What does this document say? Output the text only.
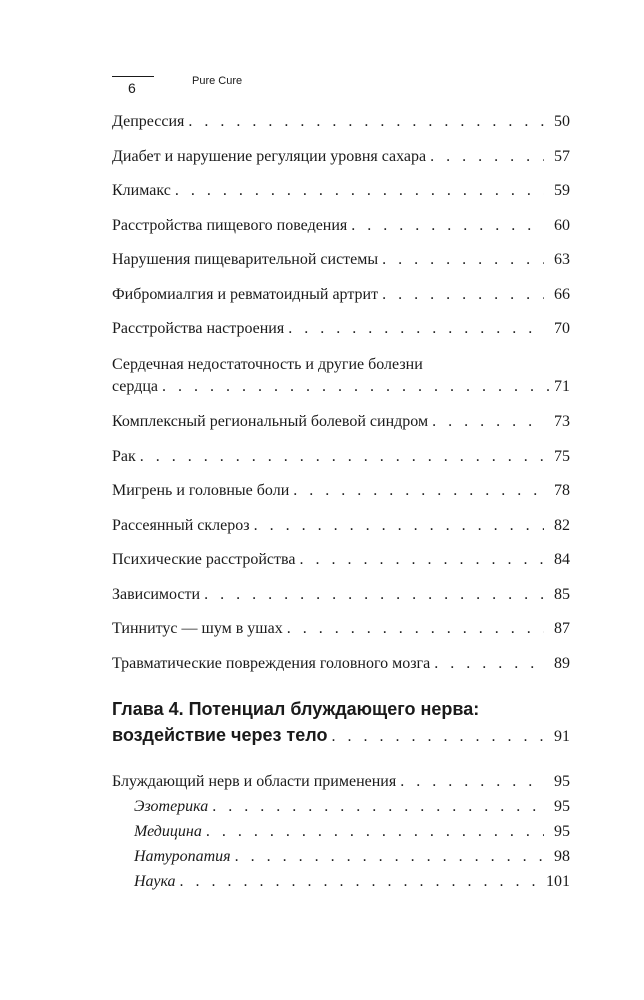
6	Pure Cure
Депрессия . . .	50
Диабет и нарушение регуляции уровня сахара . . .	57
Климакс . . .	59
Расстройства пищевого поведения . . .	60
Нарушения пищеварительной системы . . .	63
Фибромиалгия и ревматоидный артрит . . .	66
Расстройства настроения . . .	70
Сердечная недостаточность и другие болезни
сердца . . .	71
Комплексный региональный болевой синдром . . .	73
Рак . . .	75
Мигрень и головные боли . . .	78
Рассеянный склероз . . .	82
Психические расстройства . . .	84
Зависимости . . .	85
Тиннитус — шум в ушах . . .	87
Травматические повреждения головного мозга . . .	89
Глава 4. Потенциал блуждающего нерва:
воздействие через тело . . .	91
Блуждающий нерв и области применения . . .	95
Эзотерика . . .	95
Медицина . . .	95
Натуропатия . . .	98
Наука . . .	101
